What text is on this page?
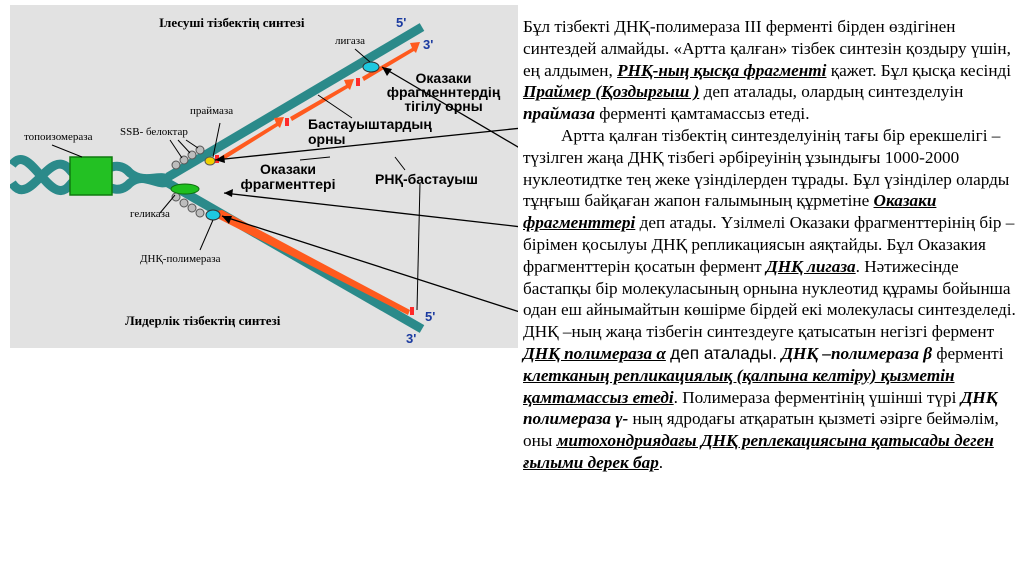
Ілесуші тізбектің синтезі
Лидерлік тізбектің синтезі
лигаза
праймаза
топоизомераза	SSB- белоктар
геликаза
ДНҚ-полимераза
Оказаки фрагменнтердің тігілу орны
Бастауыштардың орны
Оказаки фрагменттері	РНҚ-бастауыш
5'
3'
5'
3'

Бұл тізбекті ДНҚ-полимераза ІІІ ферменті бірден өздігінен синтездей алмайды. «Артта қалған» тізбек синтезін қоздыру үшін, ең алдымен, РНҚ-ның қысқа фрагменті қажет. Бұл қысқа кесінді Праймер (Қоздырғыш ) деп аталады, олардың синтезделуін праймаза ферменті қамтамассыз етеді.

Артта қалған тізбектің синтезделуінің тағы бір ерекшелігі –түзілген жаңа ДНҚ тізбегі әрбіреуінің ұзындығы 1000-2000 нуклеотидтке тең жеке үзінділерден тұрады. Бұл үзінділер оларды тұңғыш байқаған жапон ғалымының құрметіне Оказаки фрагменттері деп атады. Үзілмелі Оказаки фрагменттерінің бір –бірімен қосылуы ДНҚ репликациясын аяқтайды. Бұл Оказакия фрагменттерін қосатын фермент ДНҚ лигаза. Нәтижесінде бастапқы бір молекуласының орнына нуклеотид құрамы бойынша одан еш айнымайтын көшірме бірдей екі молекуласы синтезделеді. ДНҚ –ның жаңа тізбегін синтездеуге қатысатын негізгі фермент ДНҚ полимераза α деп аталады. ДНҚ –полимераза β ферменті клетканың репликациялық (қалпына келтіру) қызметін қамтамассыз етеді. Полимераза ферментінің үшінші түрі ДНҚ полимераза γ- ның ядродағы атқаратын қызметі әзірге беймәлім, оны митохондриядағы ДНҚ реплекациясына қатысады деген ғылыми дерек бар.
